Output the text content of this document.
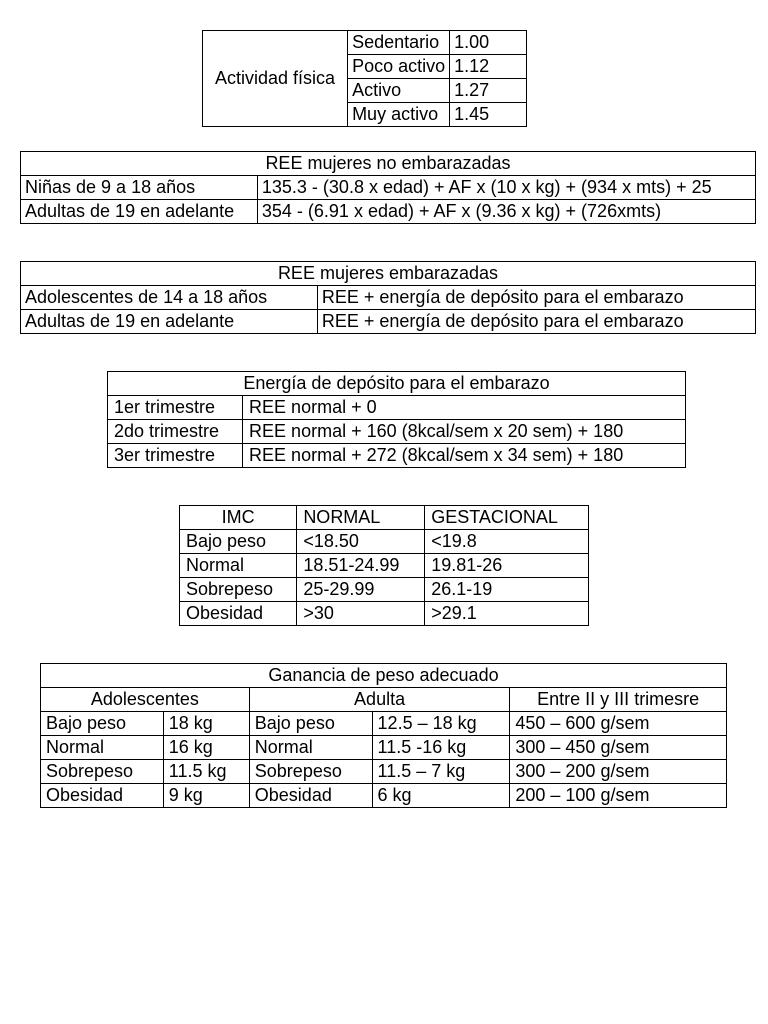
Actividad física	Sedentario	1.00
	Poco activo	1.12
	Activo	1.27
	Muy activo	1.45
REE mujeres no embarazadas	
Niñas de 9 a 18 años	135.3 - (30.8 x edad) + AF x (10 x kg) + (934 x mts) + 25
Adultas de 19 en adelante	354 - (6.91 x edad) + AF x (9.36 x kg) + (726xmts)
REE mujeres embarazadas	
Adolescentes de 14 a 18 años	REE + energía de depósito para el embarazo
Adultas de 19 en adelante	REE + energía de depósito para el embarazo
Energía de depósito para el embarazo	
1er trimestre	REE normal + 0
2do trimestre	REE normal + 160 (8kcal/sem x 20 sem) + 180
3er trimestre	REE normal + 272 (8kcal/sem x 34 sem) + 180
IMC	NORMAL	GESTACIONAL
Bajo peso	<18.50	<19.8
Normal	18.51-24.99	19.81-26
Sobrepeso	25-29.99	26.1-19
Obesidad	>30	>29.1
Ganancia de peso adecuado				
Adolescentes		Adulta		Entre II y III trimesre
Bajo peso	18 kg	Bajo peso	12.5 – 18 kg	450 – 600 g/sem
Normal	16 kg	Normal	11.5 -16 kg	300 – 450 g/sem
Sobrepeso	11.5 kg	Sobrepeso	11.5 – 7 kg	300 – 200 g/sem
Obesidad	9 kg	Obesidad	6 kg	200 – 100 g/sem
